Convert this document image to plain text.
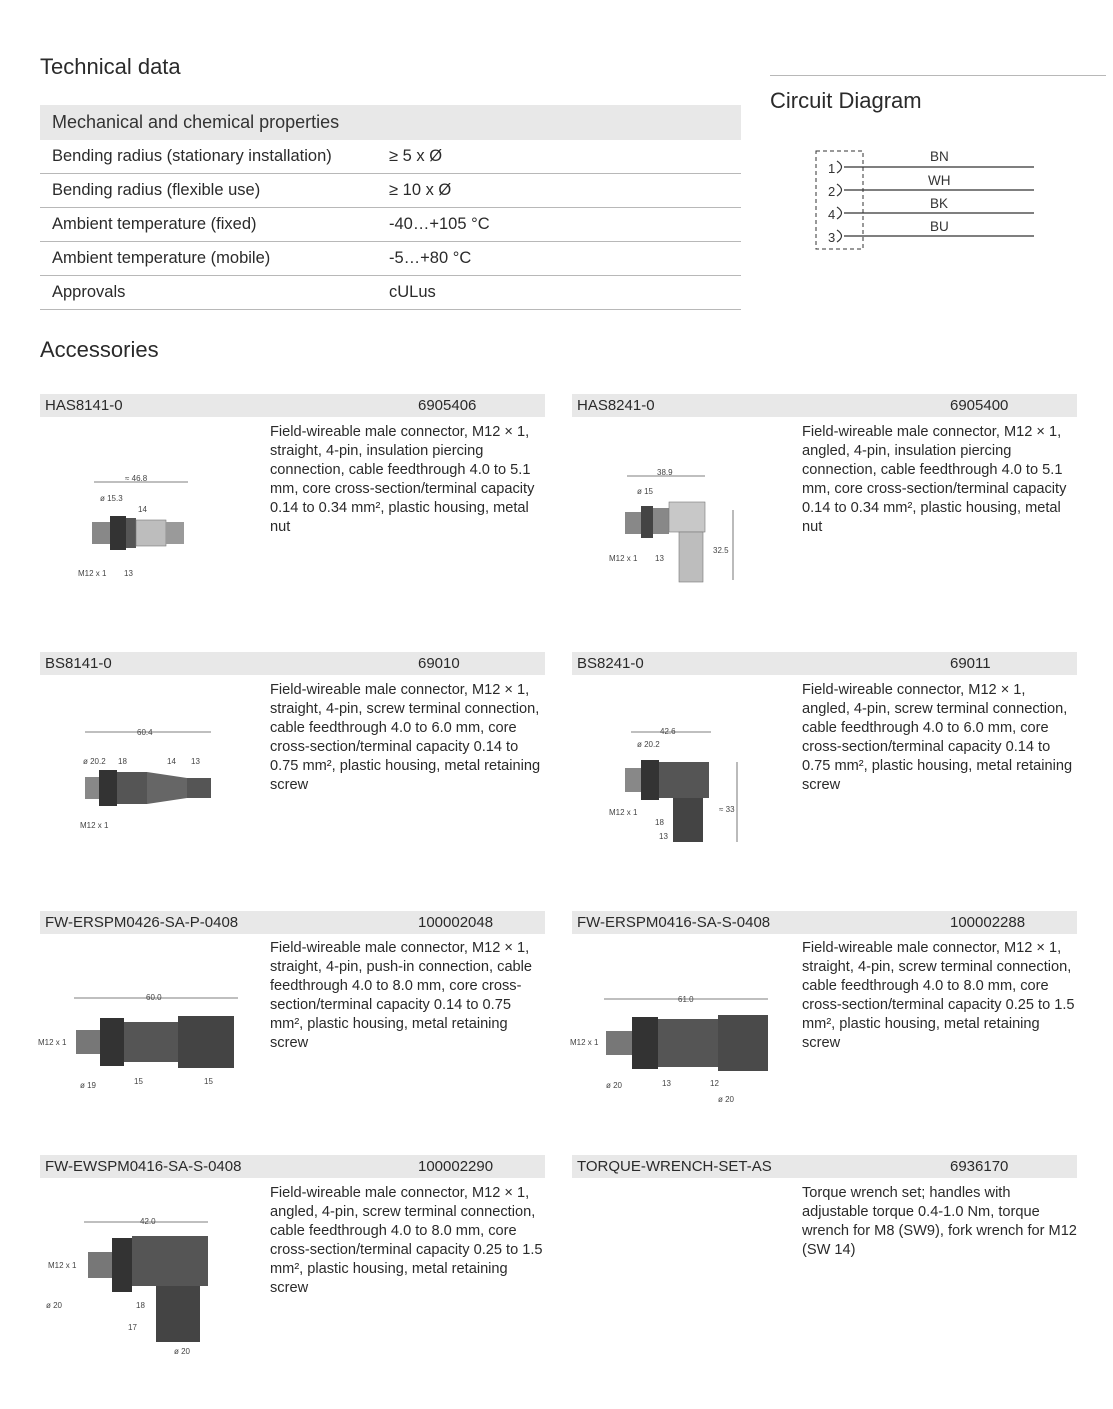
Technical data
Mechanical and chemical properties
Bending radius (stationary installation)	≥ 5 x Ø
Bending radius (flexible use)	≥ 10 x Ø
Ambient temperature (fixed)	-40…+105 °C
Ambient temperature (mobile)	-5…+80 °C
Approvals	cULus
Circuit Diagram
1
BN
2
WH
4
BK
3
BU
Accessories
HAS8141-0	6905406
Field-wireable male connector, M12 × 1, straight, 4-pin, insulation piercing connection, cable feedthrough 4.0 to 5.1 mm, core cross-section/terminal capacity 0.14 to 0.34 mm², plastic housing, metal nut
≈ 46.8
ø 15.3
14
M12 x 1 13
HAS8241-0	6905400
Field-wireable male connector, M12 × 1, angled, 4-pin, insulation piercing connection, cable feedthrough 4.0 to 5.1 mm, core cross-section/terminal capacity 0.14 to 0.34 mm², plastic housing, metal nut
38.9
ø 15
32.5
M12 x 1 13
BS8141-0	69010
Field-wireable male connector, M12 × 1, straight, 4-pin, screw terminal connection, cable feedthrough 4.0 to 6.0 mm, core cross-section/terminal capacity 0.14 to 0.75 mm², plastic housing, metal retaining screw
60.4
ø 20.2 18	14 13
M12 x 1
BS8241-0	69011
Field-wireable connector, M12 × 1, angled, 4-pin, screw terminal connection, cable feedthrough 4.0 to 6.0 mm, core cross-section/terminal capacity 0.14 to 0.75 mm², plastic housing, metal retaining screw
42.6
ø 20.2
≈ 33
M12 x 1
18
13
FW-ERSPM0426-SA-P-0408	100002048
Field-wireable male connector, M12 × 1, straight, 4-pin, push-in connection, cable feedthrough 4.0 to 8.0 mm, core cross-section/terminal capacity 0.14 to 0.75 mm², plastic housing, metal retaining screw
60.0
M12 x 1
ø 19	15	15
FW-ERSPM0416-SA-S-0408	100002288
Field-wireable male connector, M12 × 1, straight, 4-pin, screw terminal connection, cable feedthrough 4.0 to 8.0 mm, core cross-section/terminal capacity 0.25 to 1.5 mm², plastic housing, metal retaining screw
61.0
M12 x 1
ø 20	13	12
ø 20
FW-EWSPM0416-SA-S-0408	100002290
Field-wireable male connector, M12 × 1, angled, 4-pin, screw terminal connection, cable feedthrough 4.0 to 8.0 mm, core cross-section/terminal capacity 0.25 to 1.5 mm², plastic housing, metal retaining screw
42.0
M12 x 1
ø 20	18
17
ø 20
TORQUE-WRENCH-SET-AS	6936170
Torque wrench set; handles with adjustable torque 0.4-1.0 Nm, torque wrench for M8 (SW9), fork wrench for M12 (SW 14)
